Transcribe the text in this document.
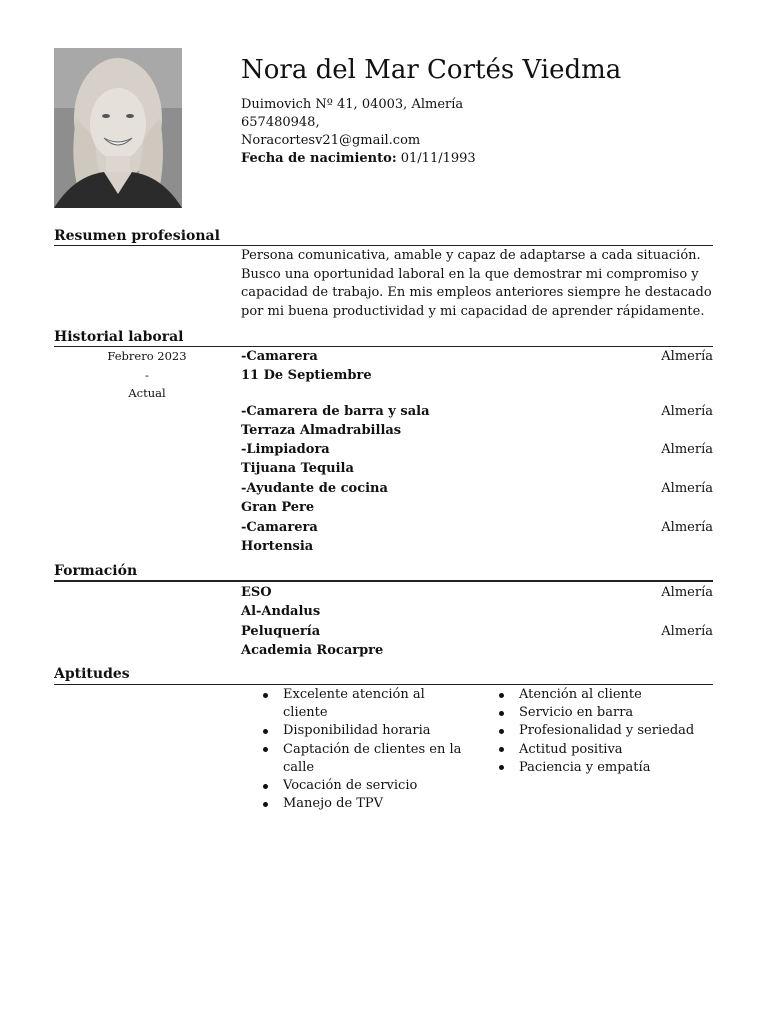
Nora del Mar Cortés Viedma
Duimovich Nº 41, 04003, Almería
657480948,
Noracortesv21@gmail.com
Fecha de nacimiento: 01/11/1993
Resumen profesional
Persona comunicativa, amable y capaz de adaptarse a cada situación. Busco una oportunidad laboral en la que demostrar mi compromiso y capacidad de trabajo. En mis empleos anteriores siempre he destacado por mi buena productividad y mi capacidad de aprender rápidamente.
Historial laboral
Febrero 2023
-
Actual
-Camarera
11 De Septiembre
Almería
-Camarera de barra y sala
Terraza Almadrabillas
Almería
-Limpiadora
Tijuana Tequila
Almería
-Ayudante de cocina
Gran Pere
Almería
-Camarera
Hortensia
Almería
Formación
ESO
Al-Andalus
Almería
Peluquería
Academia Rocarpre
Almería
Aptitudes
Excelente atención al cliente
Disponibilidad horaria
Captación de clientes en la calle
Vocación de servicio
Manejo de TPV
Atención al cliente
Servicio en barra
Profesionalidad y seriedad
Actitud positiva
Paciencia y empatía
